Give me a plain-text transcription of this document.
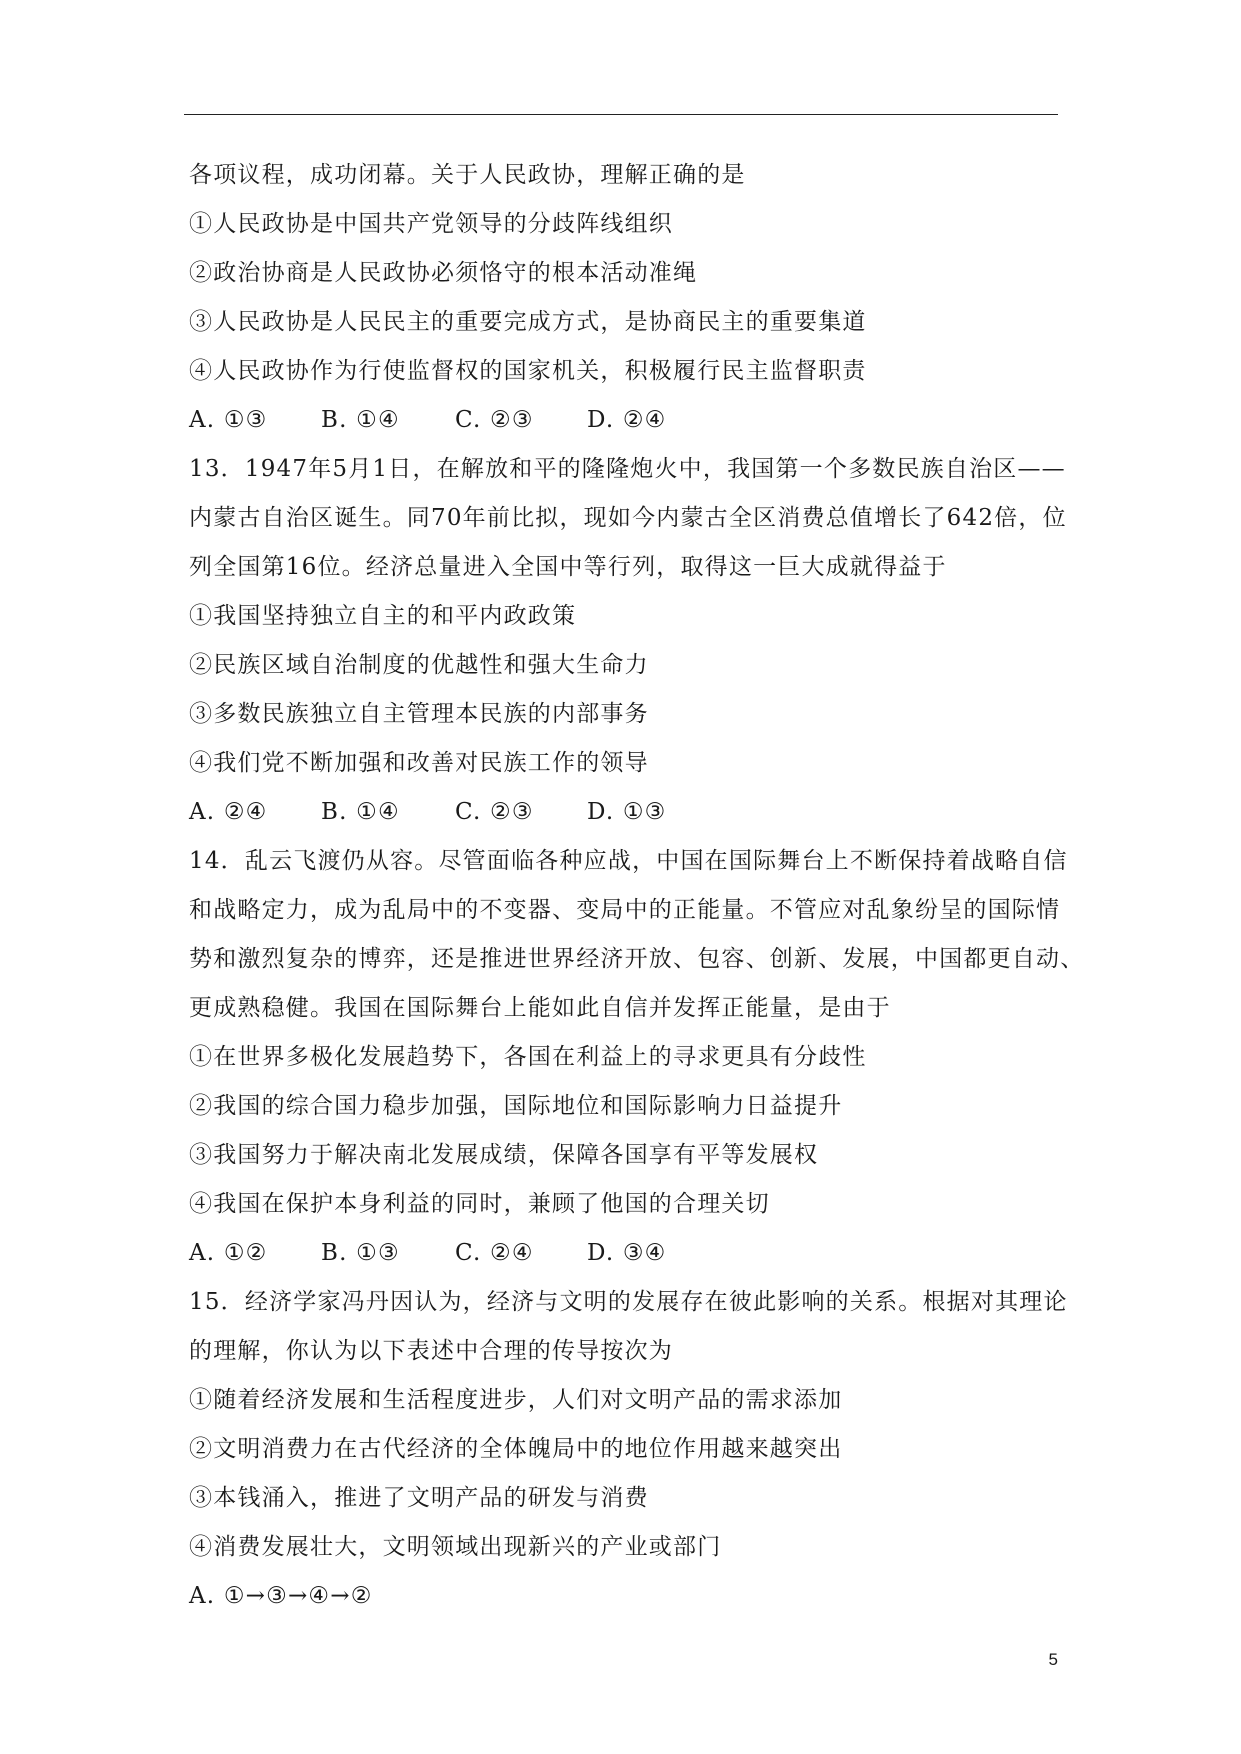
各项议程，成功闭幕。关于人民政协，理解正确的是
①人民政协是中国共产党领导的分歧阵线组织
②政治协商是人民政协必须恪守的根本活动准绳
③人民政协是人民民主的重要完成方式，是协商民主的重要集道
④人民政协作为行使监督权的国家机关，积极履行民主监督职责
A. ①③ B. ①④ C. ②③ D. ②④
13．1947年5月1日，在解放和平的隆隆炮火中，我国第一个多数民族自治区——
内蒙古自治区诞生。同70年前比拟，现如今内蒙古全区消费总值增长了642倍，位
列全国第16位。经济总量进入全国中等行列，取得这一巨大成就得益于
①我国坚持独立自主的和平内政政策
②民族区域自治制度的优越性和强大生命力
③多数民族独立自主管理本民族的内部事务
④我们党不断加强和改善对民族工作的领导
A. ②④ B. ①④ C. ②③ D. ①③
14．乱云飞渡仍从容。尽管面临各种应战，中国在国际舞台上不断保持着战略自信
和战略定力，成为乱局中的不变器、变局中的正能量。不管应对乱象纷呈的国际情
势和激烈复杂的博弈，还是推进世界经济开放、包容、创新、发展，中国都更自动、
更成熟稳健。我国在国际舞台上能如此自信并发挥正能量，是由于
①在世界多极化发展趋势下，各国在利益上的寻求更具有分歧性
②我国的综合国力稳步加强，国际地位和国际影响力日益提升
③我国努力于解决南北发展成绩，保障各国享有平等发展权
④我国在保护本身利益的同时，兼顾了他国的合理关切
A. ①② B. ①③ C. ②④ D. ③④
15．经济学家冯丹因认为，经济与文明的发展存在彼此影响的关系。根据对其理论
的理解，你认为以下表述中合理的传导按次为
①随着经济发展和生活程度进步，人们对文明产品的需求添加
②文明消费力在古代经济的全体魄局中的地位作用越来越突出
③本钱涌入，推进了文明产品的研发与消费
④消费发展壮大，文明领域出现新兴的产业或部门
A. ①→③→④→②
5
